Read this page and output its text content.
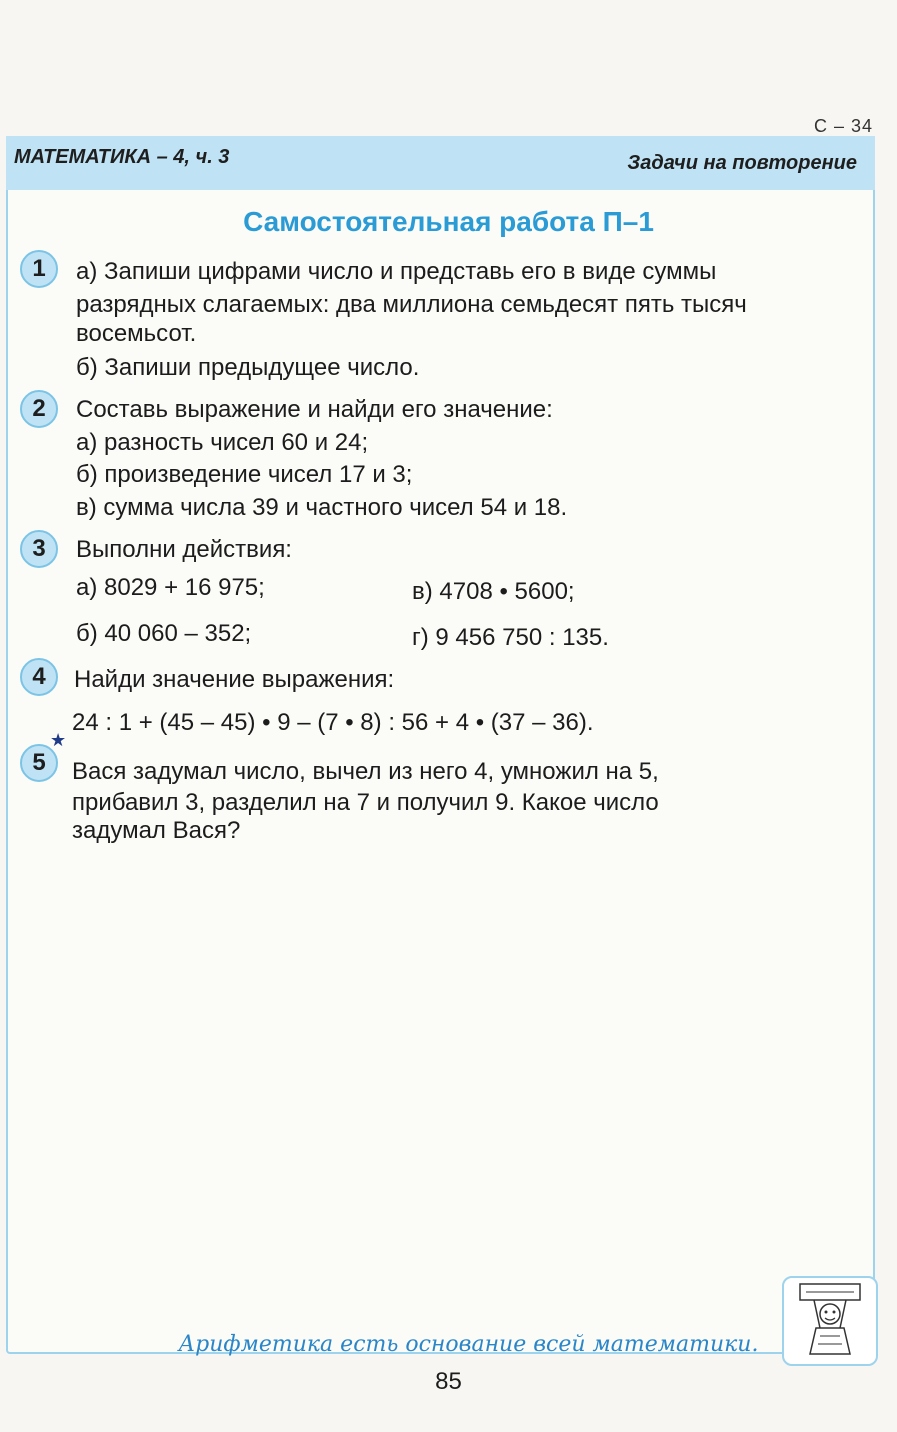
С – 34
МАТЕМАТИКА – 4, ч. 3	Задачи на повторение
Самостоятельная работа П–1
1	а) Запиши цифрами число и представь его в виде суммы
разрядных слагаемых: два миллиона семьдесят пять тысяч
восемьсот.
б) Запиши предыдущее число.
2	Составь выражение и найди его значение:
а) разность чисел 60 и 24;
б) произведение чисел 17 и 3;
в) сумма числа 39 и частного чисел 54 и 18.
3	Выполни действия:
а) 8029 + 16 975;	в) 4708 • 5600;
б) 40 060 – 352;	г) 9 456 750 : 135.
4	Найди значение выражения:
24 : 1 + (45 – 45) • 9 – (7 • 8) : 56 + 4 • (37 – 36).
★
5	Вася задумал число, вычел из него 4, умножил на 5,
прибавил 3, разделил на 7 и получил 9. Какое число
задумал Вася?
Арифметика есть основание всей математики.
85
